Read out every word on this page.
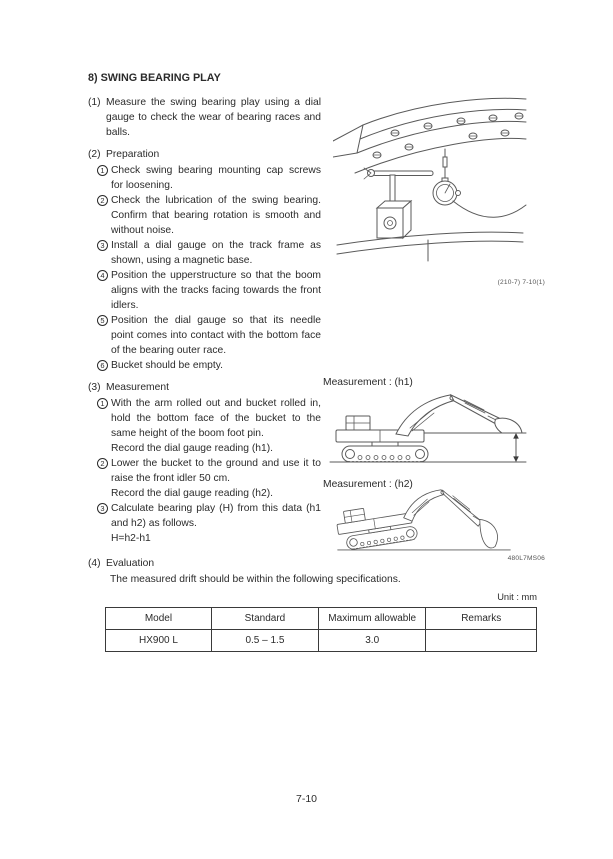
8) SWING BEARING PLAY
(1) Measure the swing bearing play using a dial gauge to check the wear of bearing races and balls.
(2) Preparation
1 Check swing bearing mounting cap screws for loosening.
2 Check the lubrication of the swing bearing. Confirm that bearing rotation is smooth and without noise.
3 Install a dial gauge on the track frame as shown, using a magnetic base.
4 Position the upperstructure so that the boom aligns with the tracks facing towards the front idlers.
5 Position the dial gauge so that its needle point comes into contact with the bottom face of the bearing outer race.
6 Bucket should be empty.
(3) Measurement
1 With the arm rolled out and bucket rolled in, hold the bottom face of the bucket to the same height of the boom foot pin.
Record the dial gauge reading (h1).
2 Lower the bucket to the ground and use it to raise the front idler 50 cm.
Record the dial gauge reading (h2).
3 Calculate bearing play (H) from this data (h1 and h2) as follows.
H=h2-h1
(210-7) 7-10(1)
Measurement : (h1)
Measurement : (h2)
480L7MS06
(4) Evaluation
The measured drift should be within the following specifications.
Unit : mm
Model	Standard	Maximum allowable	Remarks
HX900 L	0.5 – 1.5	3.0	
7-10
